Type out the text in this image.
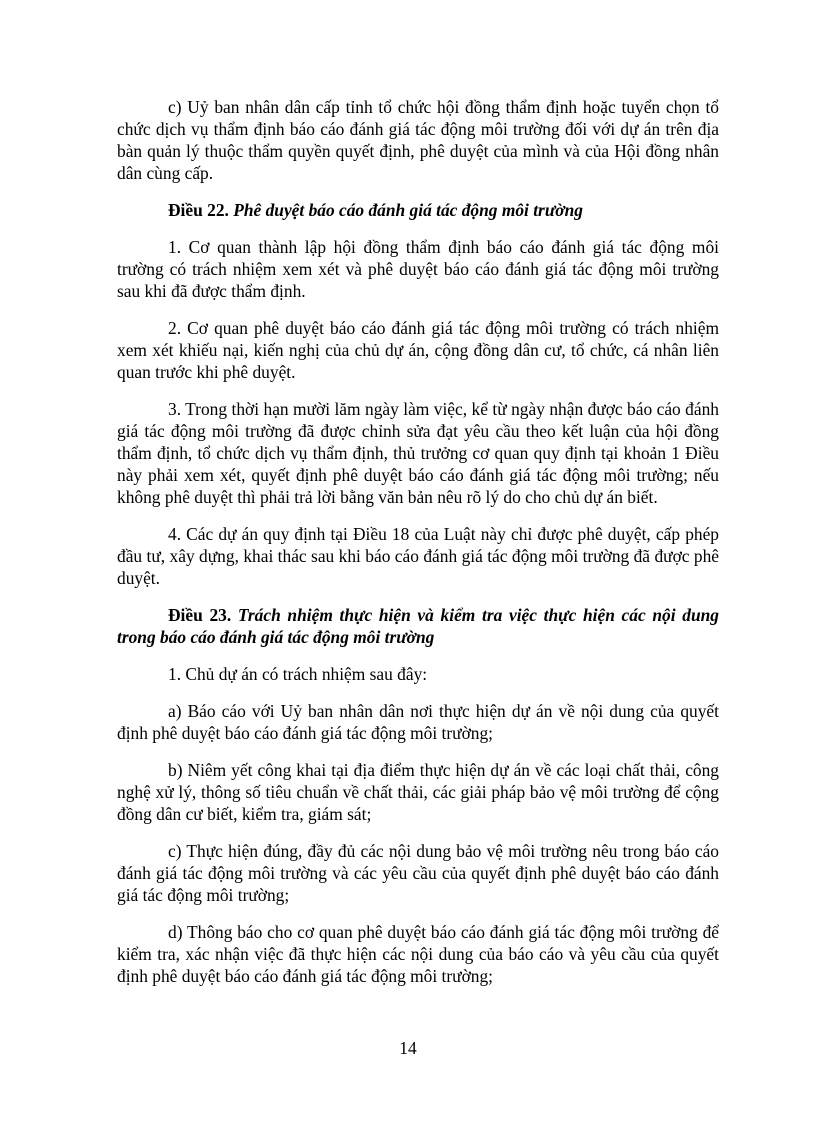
c) Uỷ ban nhân dân cấp tỉnh tổ chức hội đồng thẩm định hoặc tuyển chọn tổ chức dịch vụ thẩm định báo cáo đánh giá tác động môi trường đối với dự án trên địa bàn quản lý thuộc thẩm quyền quyết định, phê duyệt của mình và của Hội đồng nhân dân cùng cấp.

Điều 22. Phê duyệt báo cáo đánh giá tác động môi trường

1. Cơ quan thành lập hội đồng thẩm định báo cáo đánh giá tác động môi trường có trách nhiệm xem xét và phê duyệt báo cáo đánh giá tác động môi trường sau khi đã được thẩm định.

2. Cơ quan phê duyệt báo cáo đánh giá tác động môi trường có trách nhiệm xem xét khiếu nại, kiến nghị của chủ dự án, cộng đồng dân cư, tổ chức, cá nhân liên quan trước khi phê duyệt.

3. Trong thời hạn mười lăm ngày làm việc, kể từ ngày nhận được báo cáo đánh giá tác động môi trường đã được chỉnh sửa đạt yêu cầu theo kết luận của hội đồng thẩm định, tổ chức dịch vụ thẩm định, thủ trưởng cơ quan quy định tại khoản 1 Điều này phải xem xét, quyết định phê duyệt báo cáo đánh giá tác động môi trường; nếu không phê duyệt thì phải trả lời bằng văn bản nêu rõ lý do cho chủ dự án biết.

4. Các dự án quy định tại Điều 18 của Luật này chỉ được phê duyệt, cấp phép đầu tư, xây dựng, khai thác sau khi báo cáo đánh giá tác động môi trường đã được phê duyệt.

Điều 23. Trách nhiệm thực hiện và kiểm tra việc thực hiện các nội dung trong báo cáo đánh giá tác động môi trường

1. Chủ dự án có trách nhiệm sau đây:

a) Báo cáo với Uỷ ban nhân dân nơi thực hiện dự án về nội dung của quyết định phê duyệt báo cáo đánh giá tác động môi trường;

b) Niêm yết công khai tại địa điểm thực hiện dự án về các loại chất thải, công nghệ xử lý, thông số tiêu chuẩn về chất thải, các giải pháp bảo vệ môi trường để cộng đồng dân cư biết, kiểm tra, giám sát;

c) Thực hiện đúng, đầy đủ các nội dung bảo vệ môi trường nêu trong báo cáo đánh giá tác động môi trường và các yêu cầu của quyết định phê duyệt báo cáo đánh giá tác động môi trường;

d) Thông báo cho cơ quan phê duyệt báo cáo đánh giá tác động môi trường để kiểm tra, xác nhận việc đã thực hiện các nội dung của báo cáo và yêu cầu của quyết định phê duyệt báo cáo đánh giá tác động môi trường;

14
